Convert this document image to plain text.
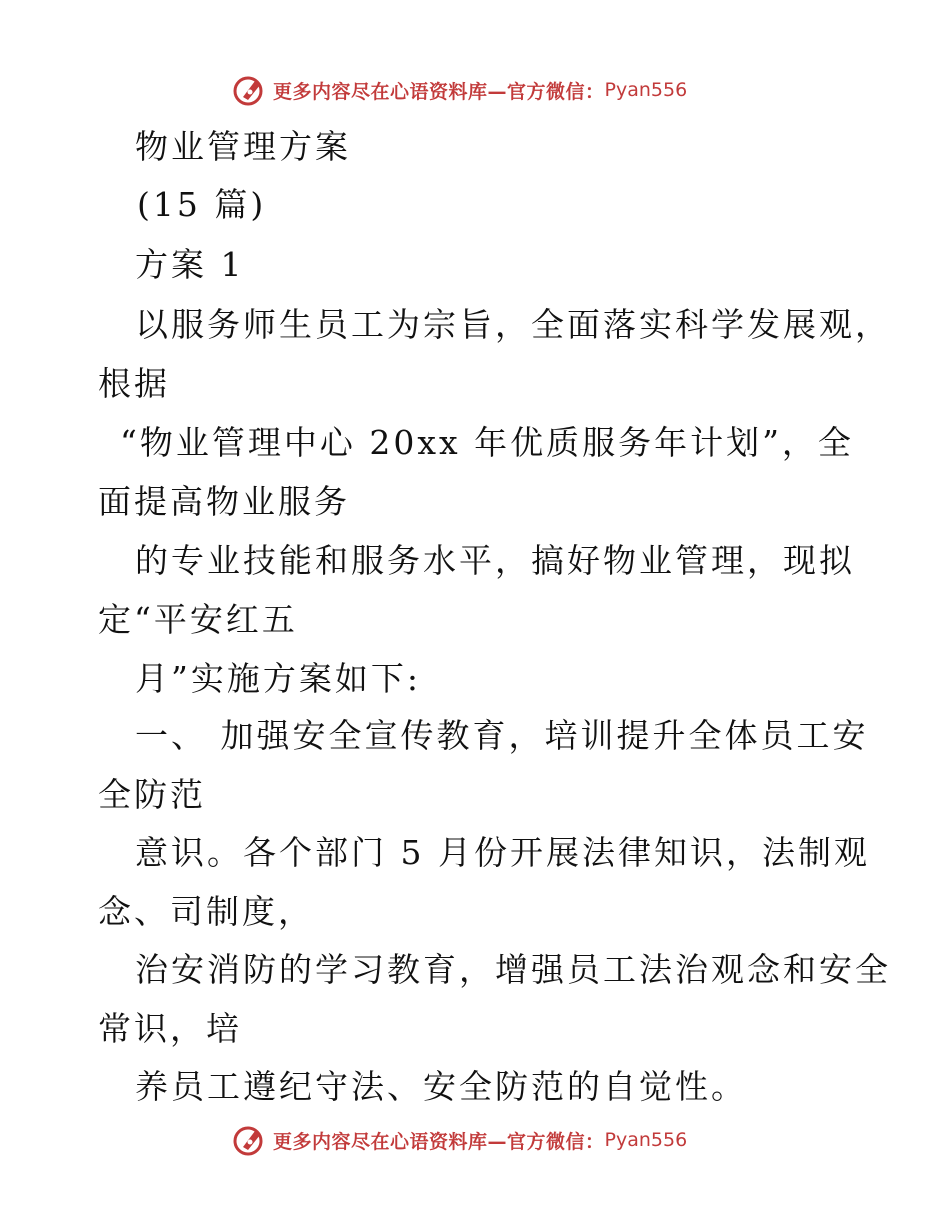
更多内容尽在心语资料库—官方微信： Pyan556
物业管理方案
(15 篇)
方案 1
以服务师生员工为宗旨，全面落实科学发展观，
根据
“物业管理中心 20xx 年优质服务年计划”，全
面提高物业服务
的专业技能和服务水平，搞好物业管理，现拟
定“平安红五
月”实施方案如下:
一、 加强安全宣传教育，培训提升全体员工安
全防范
意识。各个部门 5 月份开展法律知识，法制观
念、司制度，
治安消防的学习教育，增强员工法治观念和安全
常识，培
养员工遵纪守法、安全防范的自觉性。
更多内容尽在心语资料库—官方微信： Pyan556
